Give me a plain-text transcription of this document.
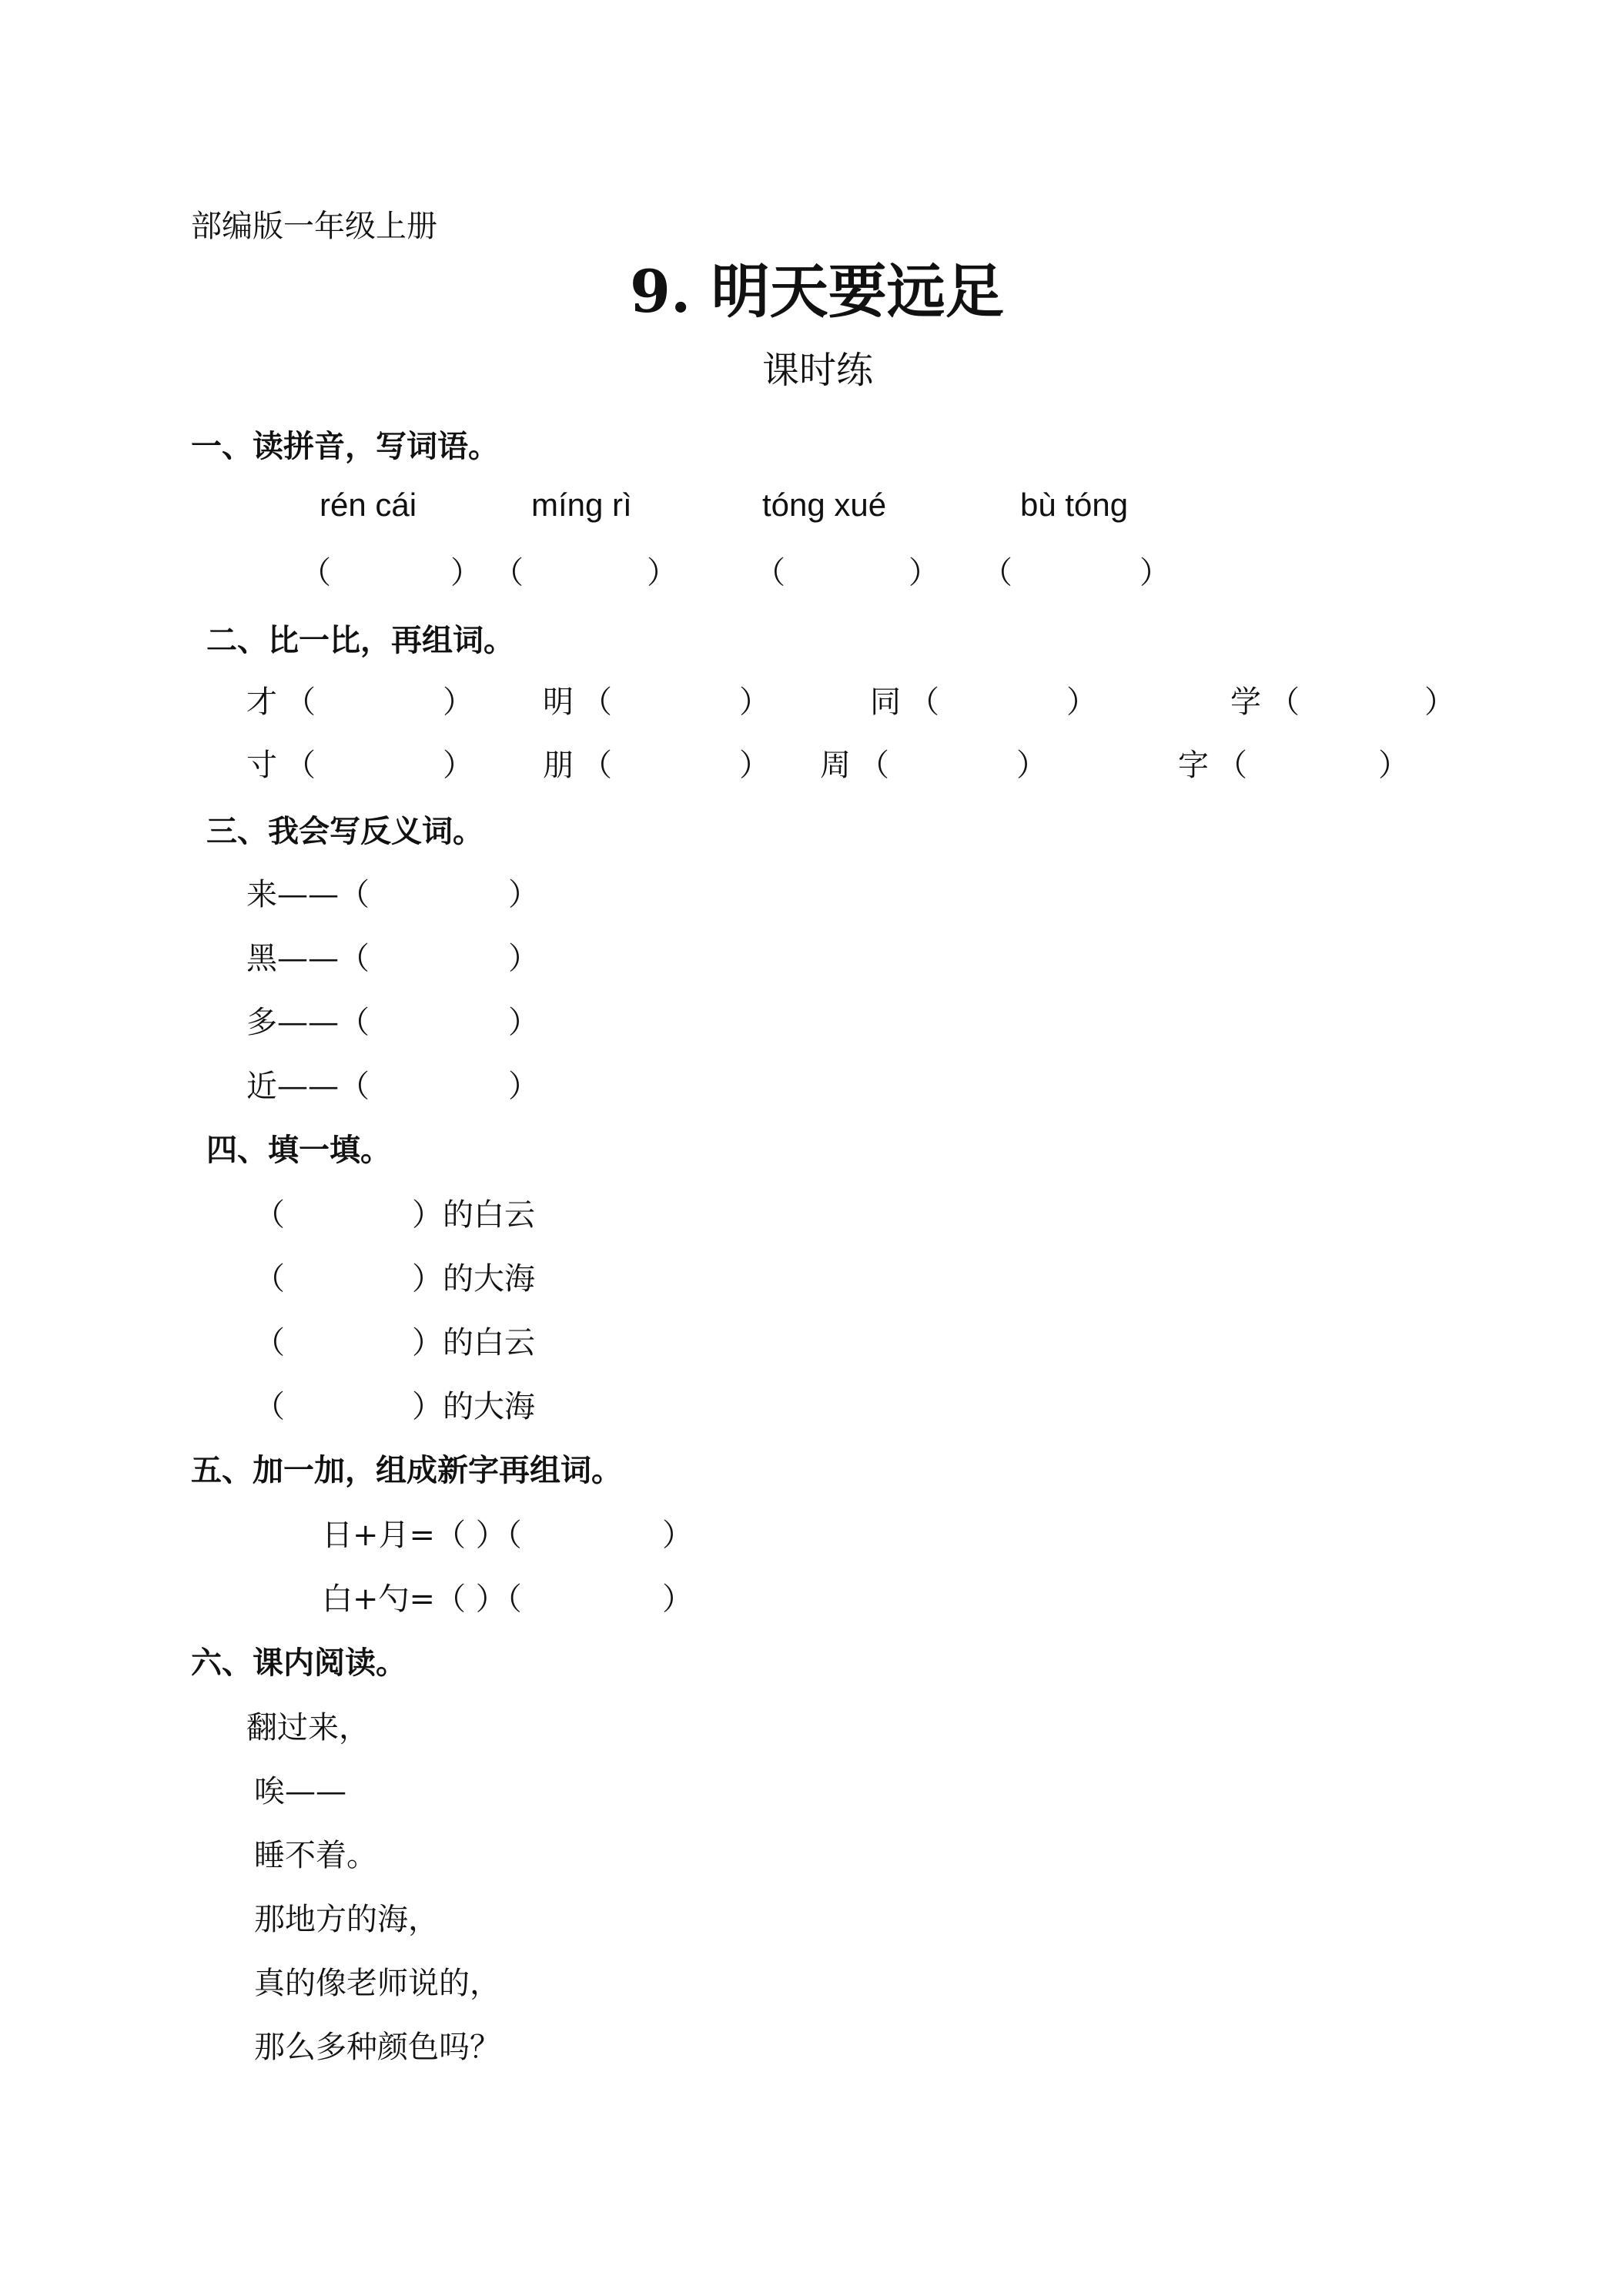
部编版一年级上册
9. 明天要远足
课时练
一、读拼音，写词语。
rén cái	míng rì	tóng xué	bù tóng
（	） （	）	（	） （	）
二、比一比，再组词。
才 （	） 明 （	）	同 （	）	学 （	）
寸 （	） 朋 （	） 周 （	）	字 （	）
三、我会写反义词。
来——（	）
黑——（	）
多——（	）
近——（	）
四、填一填。
（	）的白云
（	）的大海
（	）的白云
（	）的大海
五、加一加，组成新字再组词。
日+月=（ ）（	）
白+勺=（ ）（	）
六、课内阅读。
翻过来，
唉——
睡不着。
那地方的海，
真的像老师说的，
那么多种颜色吗？
